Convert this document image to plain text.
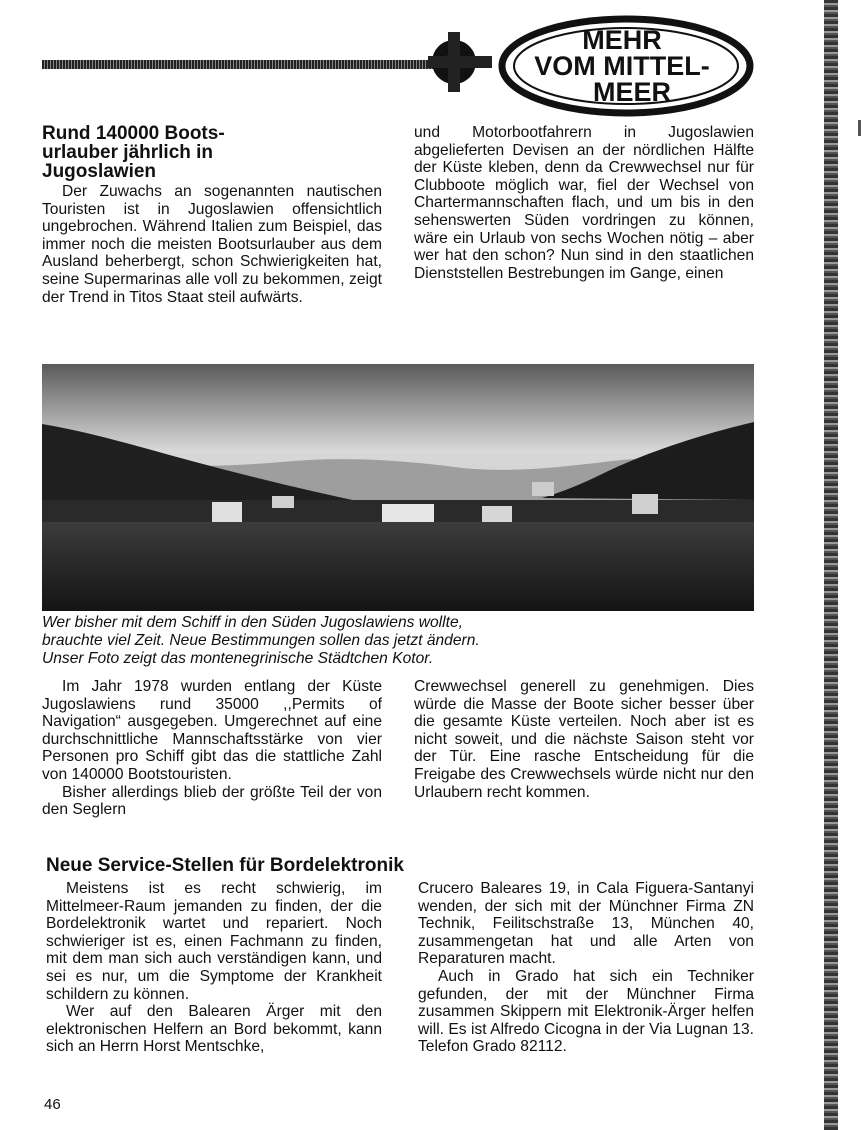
MEHR
VOM MITTEL-
MEER
Rund 140000 Boots-
urlauber jährlich in
Jugoslawien

Der Zuwachs an sogenannten nautischen Touristen ist in Jugoslawien offensichtlich ungebrochen. Während Italien zum Beispiel, das immer noch die meisten Bootsurlauber aus dem Ausland beherbergt, schon Schwierigkeiten hat, seine Supermarinas alle voll zu bekommen, zeigt der Trend in Titos Staat steil aufwärts.

und Motorbootfahrern in Jugoslawien abgelieferten Devisen an der nördlichen Hälfte der Küste kleben, denn da Crewwechsel nur für Clubboote möglich war, fiel der Wechsel von Chartermannschaften flach, und um bis in den sehenswerten Süden vordringen zu können, wäre ein Urlaub von sechs Wochen nötig – aber wer hat den schon? Nun sind in den staatlichen Dienststellen Bestrebungen im Gange, einen

Wer bisher mit dem Schiff in den Süden Jugoslawiens wollte,
brauchte viel Zeit. Neue Bestimmungen sollen das jetzt ändern.
Unser Foto zeigt das montenegrinische Städtchen Kotor.

Im Jahr 1978 wurden entlang der Küste Jugoslawiens rund 35000 ,,Permits of Navigation“ ausgegeben. Umgerechnet auf eine durchschnittliche Mannschaftsstärke von vier Personen pro Schiff gibt das die stattliche Zahl von 140000 Bootstouristen.

Bisher allerdings blieb der größte Teil der von den Seglern

Crewwechsel generell zu genehmigen. Dies würde die Masse der Boote sicher besser über die gesamte Küste verteilen. Noch aber ist es nicht soweit, und die nächste Saison steht vor der Tür. Eine rasche Entscheidung für die Freigabe des Crewwechsels würde nicht nur den Urlaubern recht kommen.

Neue Service-Stellen für Bordelektronik

Meistens ist es recht schwierig, im Mittelmeer-Raum jemanden zu finden, der die Bordelektronik wartet und repariert. Noch schwieriger ist es, einen Fachmann zu finden, mit dem man sich auch verständigen kann, und sei es nur, um die Symptome der Krankheit schildern zu können.

Wer auf den Balearen Ärger mit den elektronischen Helfern an Bord bekommt, kann sich an Herrn Horst Mentschke,

Crucero Baleares 19, in Cala Figuera-Santanyi wenden, der sich mit der Münchner Firma ZN Technik, Feilitschstraße 13, München 40, zusammengetan hat und alle Arten von Reparaturen macht.

Auch in Grado hat sich ein Techniker gefunden, der mit der Münchner Firma zusammen Skippern mit Elektronik-Ärger helfen will. Es ist Alfredo Cicogna in der Via Lugnan 13. Telefon Grado 82112.

46
